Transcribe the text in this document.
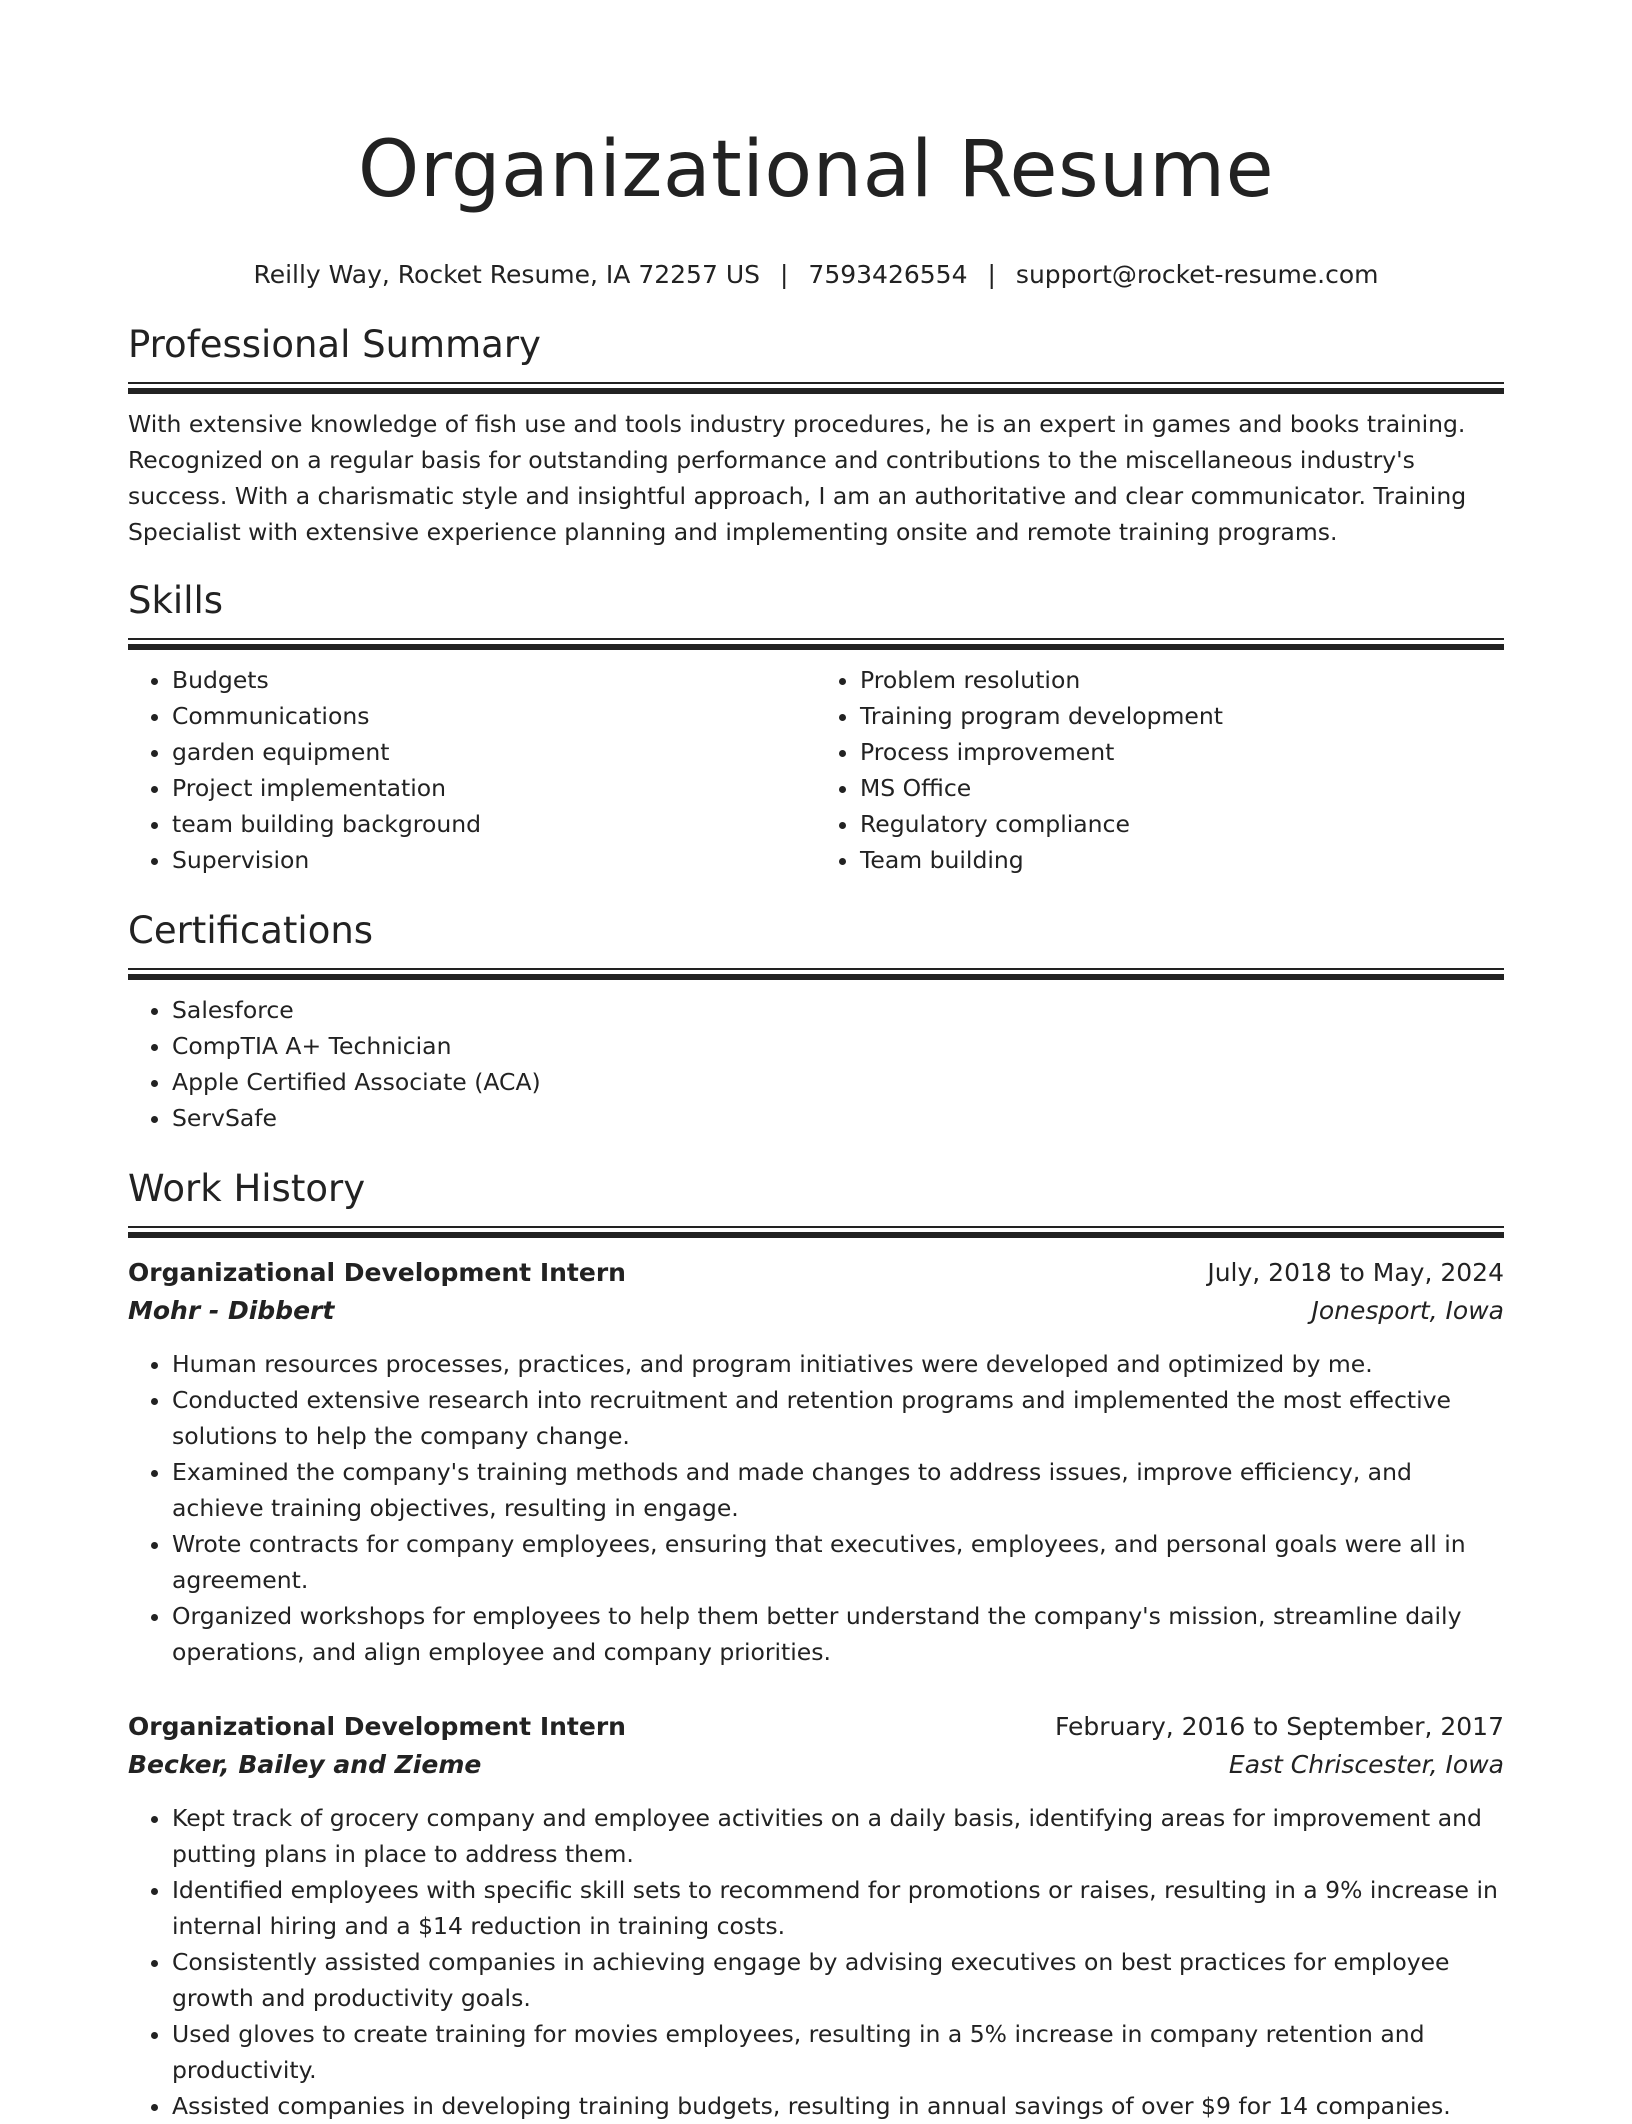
Organizational Resume
Reilly Way, Rocket Resume, IA 72257 US | 7593426554 | support@rocket-resume.com
Professional Summary

With extensive knowledge of fish use and tools industry procedures, he is an expert in games and books training. Recognized on a regular basis for outstanding performance and contributions to the miscellaneous industry's success. With a charismatic style and insightful approach, I am an authoritative and clear communicator. Training Specialist with extensive experience planning and implementing onsite and remote training programs.

Skills
• Budgets
• Communications
• garden equipment
• Project implementation
• team building background
• Supervision
• Problem resolution
• Training program development
• Process improvement
• MS Office
• Regulatory compliance
• Team building
Certifications
• Salesforce
• CompTIA A+ Technician
• Apple Certified Associate (ACA)
• ServSafe
Work History
Organizational Development Intern	July, 2018 to May, 2024
Mohr - Dibbert	Jonesport, Iowa
• Human resources processes, practices, and program initiatives were developed and optimized by me.
• Conducted extensive research into recruitment and retention programs and implemented the most effective solutions to help the company change.
• Examined the company's training methods and made changes to address issues, improve efficiency, and achieve training objectives, resulting in engage.
• Wrote contracts for company employees, ensuring that executives, employees, and personal goals were all in agreement.
• Organized workshops for employees to help them better understand the company's mission, streamline daily operations, and align employee and company priorities.
Organizational Development Intern	February, 2016 to September, 2017
Becker, Bailey and Zieme	East Chriscester, Iowa
• Kept track of grocery company and employee activities on a daily basis, identifying areas for improvement and putting plans in place to address them.
• Identified employees with specific skill sets to recommend for promotions or raises, resulting in a 9% increase in internal hiring and a $14 reduction in training costs.
• Consistently assisted companies in achieving engage by advising executives on best practices for employee growth and productivity goals.
• Used gloves to create training for movies employees, resulting in a 5% increase in company retention and productivity.
• Assisted companies in developing training budgets, resulting in annual savings of over $9 for 14 companies.
